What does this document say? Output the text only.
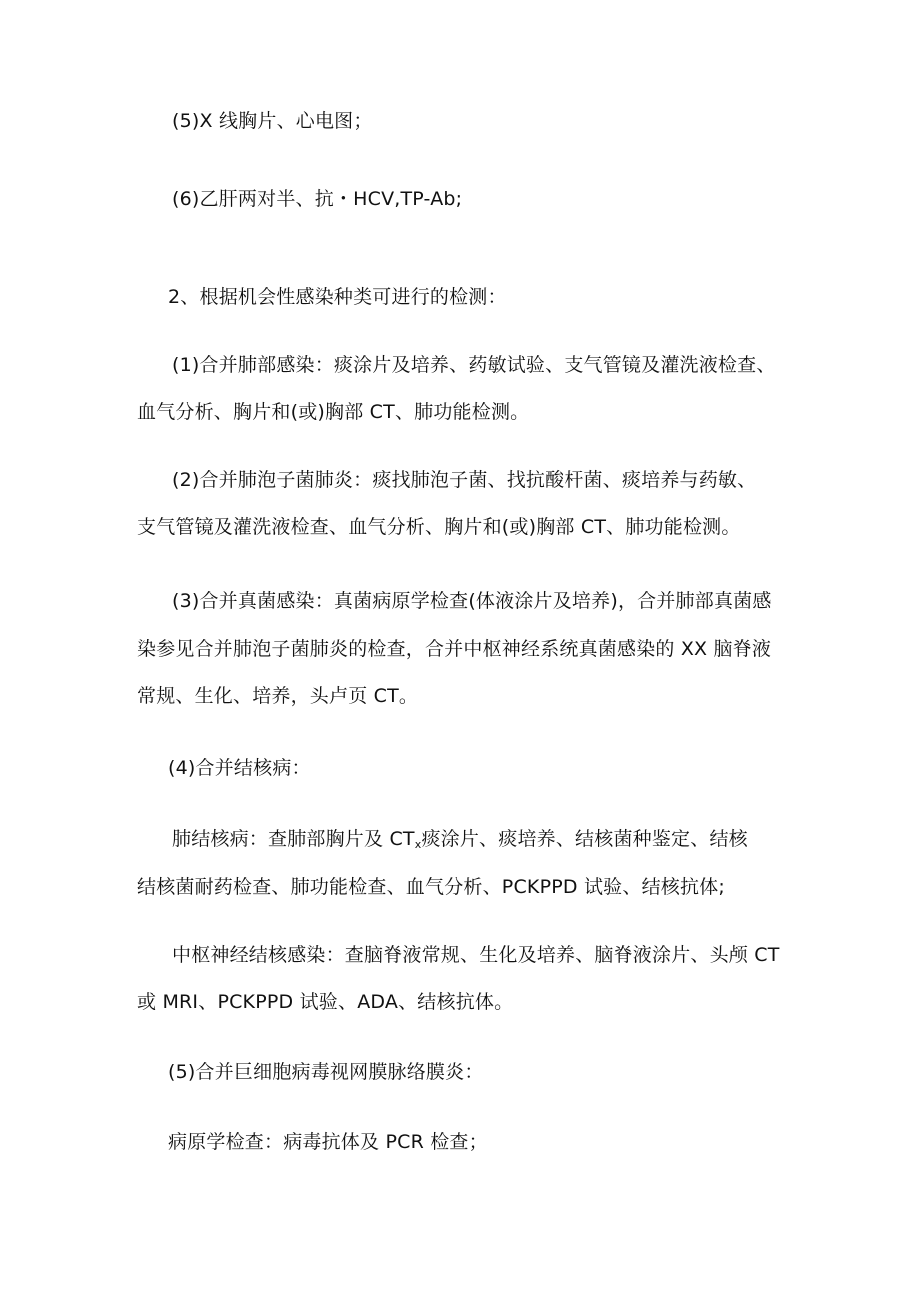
(5)X 线胸片、心电图；
(6)乙肝两对半、抗・HCV,TP-Ab;
2、根据机会性感染种类可进行的检测：
(1)合并肺部感染：痰涂片及培养、药敏试验、支气管镜及灌洗液检查、
血气分析、胸片和(或)胸部 CT、肺功能检测。
(2)合并肺泡子菌肺炎：痰找肺泡子菌、找抗酸杆菌、痰培养与药敏、
支气管镜及灌洗液检查、血气分析、胸片和(或)胸部 CT、肺功能检测。
(3)合并真菌感染：真菌病原学检查(体液涂片及培养)，合并肺部真菌感
染参见合并肺泡子菌肺炎的检查，合并中枢神经系统真菌感染的 XX 脑脊液
常规、生化、培养，头卢页 CT。
(4)合并结核病：
肺结核病：查肺部胸片及 $CT_x$痰涂片、痰培养、结核菌种鉴定、结核
结核菌耐药检查、肺功能检查、血气分析、PCKPPD 试验、结核抗体;
中枢神经结核感染：查脑脊液常规、生化及培养、脑脊液涂片、头颅 CT
或 MRI、PCKPPD 试验、ADA、结核抗体。
(5)合并巨细胞病毒视网膜脉络膜炎：
病原学检查：病毒抗体及 PCR 检查；
